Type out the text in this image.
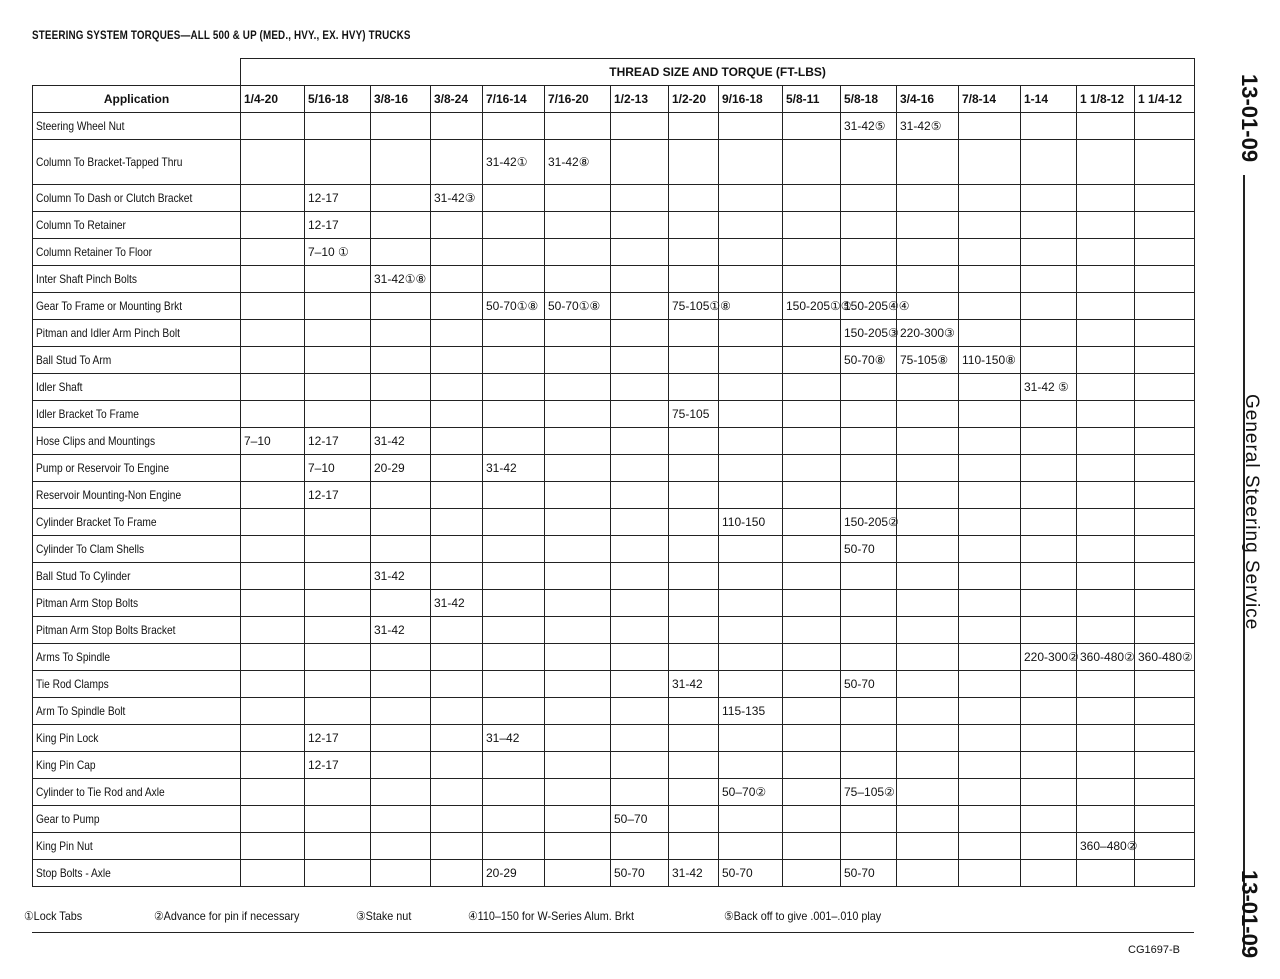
STEERING SYSTEM TORQUES—ALL 500 & UP (MED., HVY., EX. HVY) TRUCKS
	THREAD SIZE AND TORQUE (FT-LBS)															
Application	1/4-20	5/16-18	3/8-16	3/8-24	7/16-14	7/16-20	1/2-13	1/2-20	9/16-18	5/8-11	5/8-18	3/4-16	7/8-14	1-14	1 1/8-12	1 1/4-12
Steering Wheel Nut											31-42⑤	31-42⑤				
Column To Bracket-Tapped Thru					31-42①	31-42⑧										
Column To Dash or Clutch Bracket		12-17		31-42③												
Column To Retainer		12-17														
Column Retainer To Floor		7–10 ①														
Inter Shaft Pinch Bolts			31-42①⑧													
Gear To Frame or Mounting Brkt					50-70①⑧	50-70①⑧		75-105①⑧		150-205①⑤	150-205④④					
Pitman and Idler Arm Pinch Bolt											150-205③	220-300③				
Ball Stud To Arm											50-70⑧	75-105⑧	110-150⑧			
Idler Shaft														31-42 ⑤		
Idler Bracket To Frame								75-105								
Hose Clips and Mountings	7–10	12-17	31-42													
Pump or Reservoir To Engine		7–10	20-29		31-42											
Reservoir Mounting-Non Engine		12-17														
Cylinder Bracket To Frame									110-150		150-205②					
Cylinder To Clam Shells											50-70					
Ball Stud To Cylinder			31-42													
Pitman Arm Stop Bolts				31-42												
Pitman Arm Stop Bolts Bracket			31-42													
Arms To Spindle														220-300②	360-480②	360-480②
Tie Rod Clamps								31-42			50-70					
Arm To Spindle Bolt									115-135							
King Pin Lock		12-17			31–42											
King Pin Cap		12-17														
Cylinder to Tie Rod and Axle									50–70②		75–105②					
Gear to Pump							50–70									
King Pin Nut															360–480②	
Stop Bolts - Axle					20-29		50-70	31-42	50-70		50-70					
①Lock Tabs	②Advance for pin if necessary	③Stake nut	④110–150 for W-Series Alum. Brkt	⑤Back off to give .001–.010 play
CG1697-B
13-01-09
General Steering Service
13-01-09
